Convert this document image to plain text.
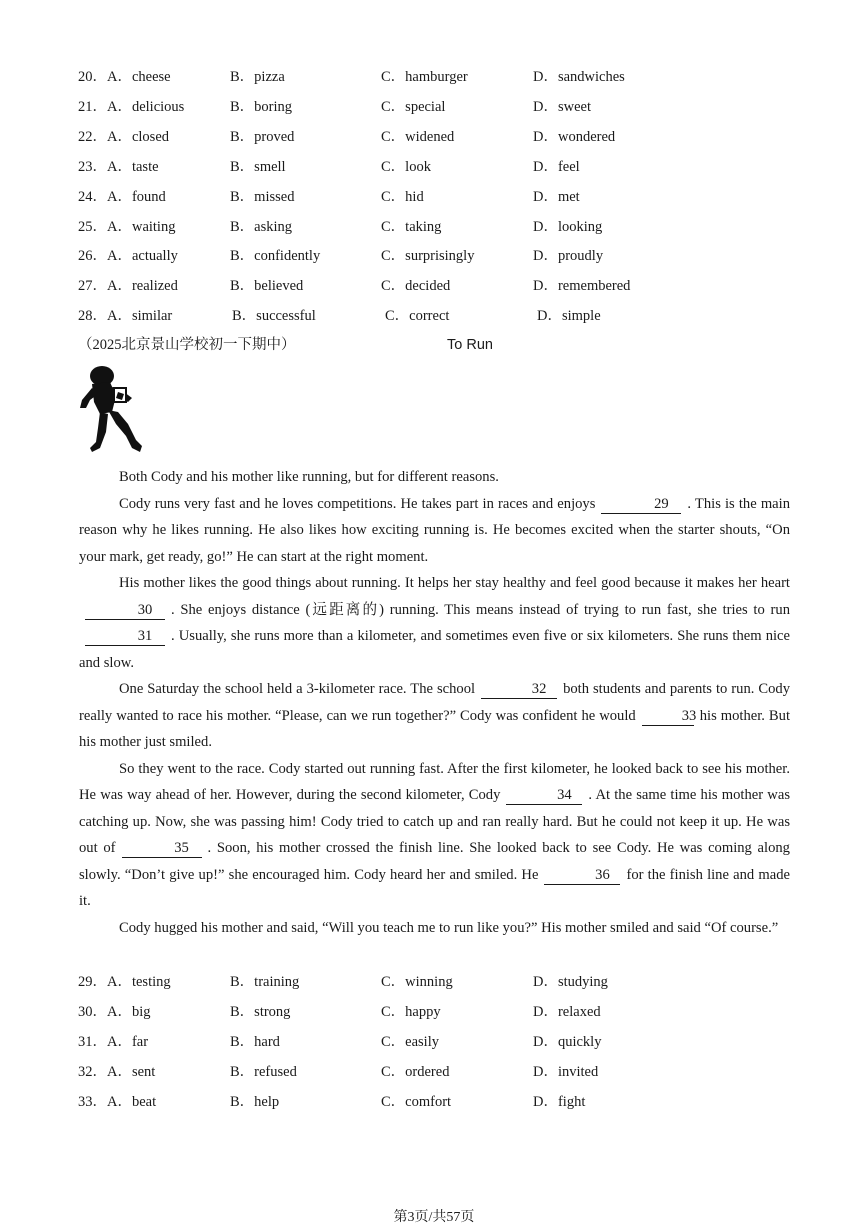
20．A．cheese	B．pizza	C．hamburger	D．sandwiches
21．A．delicious	B．boring	C．special	D．sweet
22．A．closed	B．proved	C．widened	D．wondered
23．A．taste	B．smell	C．look	D．feel
24．A．found	B．missed	C．hid	D．met
25．A．waiting	B．asking	C．taking	D．looking
26．A．actually	B．confidently	C．surprisingly	D．proudly
27．A．realized	B．believed	C．decided	D．remembered
28．A．similar	B．successful	C．correct	D．simple
（2025北京景山学校初一下期中）	To Run

Both Cody and his mother like running, but for different reasons.

Cody runs very fast and he loves competitions. He takes part in races and enjoys	29 . This is the main reason why he likes running. He also likes how exciting running is. He becomes excited when the starter shouts, “On your mark, get ready, go!” He can start at the right moment.

His mother likes the good things about running. It helps her stay healthy and feel good because it makes her heart30 . She enjoys distance (远距离的) running. This means instead of trying to run fast, she tries to run31 . Usually, she runs more than a kilometer, and sometimes even five or six kilometers. She runs them nice and slow.

One Saturday the school held a 3-kilometer race. The school	32 both students and parents to run. Cody really wanted to race his mother. “Please, can we run together?” Cody was confident he would	33 his mother. But his mother just smiled.

So they went to the race. Cody started out running fast. After the first kilometer, he looked back to see his mother. He was way ahead of her. However, during the second kilometer, Cody	34 . At the same time his mother was catching up. Now, she was passing him! Cody tried to catch up and ran really hard. But he could not keep it up. He was out of	35 . Soon, his mother crossed the finish line. She looked back to see Cody. He was coming along slowly. “Don’t give up!” she encouraged him. Cody heard her and smiled. He	36 for the finish line and made it.

Cody hugged his mother and said, “Will you teach me to run like you?” His mother smiled and said “Of course.”

29．A．testing	B．training	C．winning	D．studying
30．A．big	B．strong	C．happy	D．relaxed
31．A．far	B．hard	C．easily	D．quickly
32．A．sent	B．refused	C．ordered	D．invited
33．A．beat	B．help	C．comfort	D．fight
第3页/共57页
